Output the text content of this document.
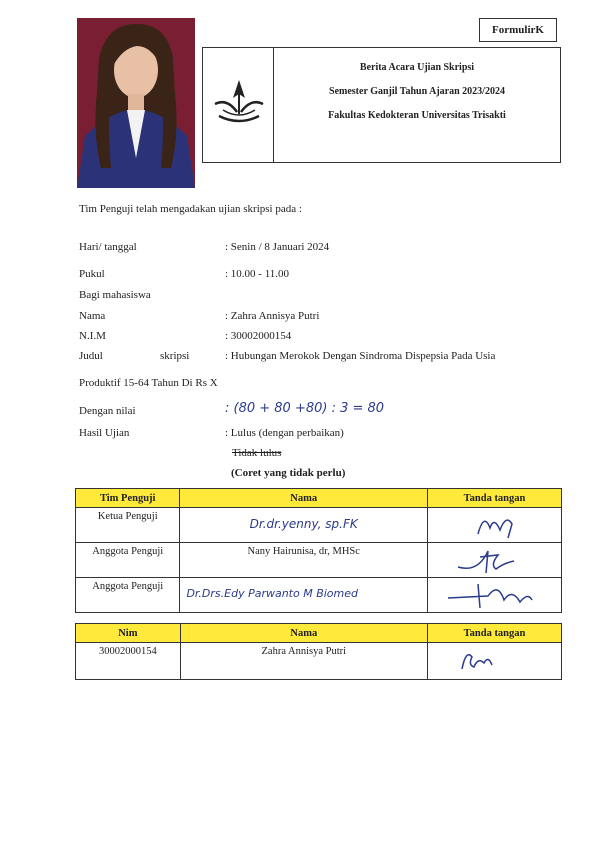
FormulirK
Berita Acara Ujian Skripsi
Semester Ganjil Tahun Ajaran 2023/2024
Fakultas Kedokteran Universitas Trisakti
Tim Penguji telah mengadakan ujian skripsi pada :
Hari/ tanggal	: Senin / 8 Januari 2024
Pukul	: 10.00 - 11.00
Bagi mahasiswa
Nama	: Zahra Annisya Putri
N.I.M	: 30002000154
Judul	skripsi	: Hubungan Merokok Dengan Sindroma Dispepsia Pada Usia
Produktif 15-64 Tahun Di Rs X
Dengan nilai	: (80 + 80 +80) : 3 = 80
Hasil Ujian	: Lulus (dengan perbaikan)
Tidak lulus
(Coret yang tidak perlu)
Tim Penguji	Nama	Tanda tangan
Ketua Penguji	Dr.dr.yenny, sp.FK	

Anggota Penguji	Nany Hairunisa, dr, MHSc	

Anggota Penguji	Dr.Drs.Edy Parwanto M Biomed	
Nim	Nama	Tanda tangan
30002000154	Zahra Annisya Putri	
